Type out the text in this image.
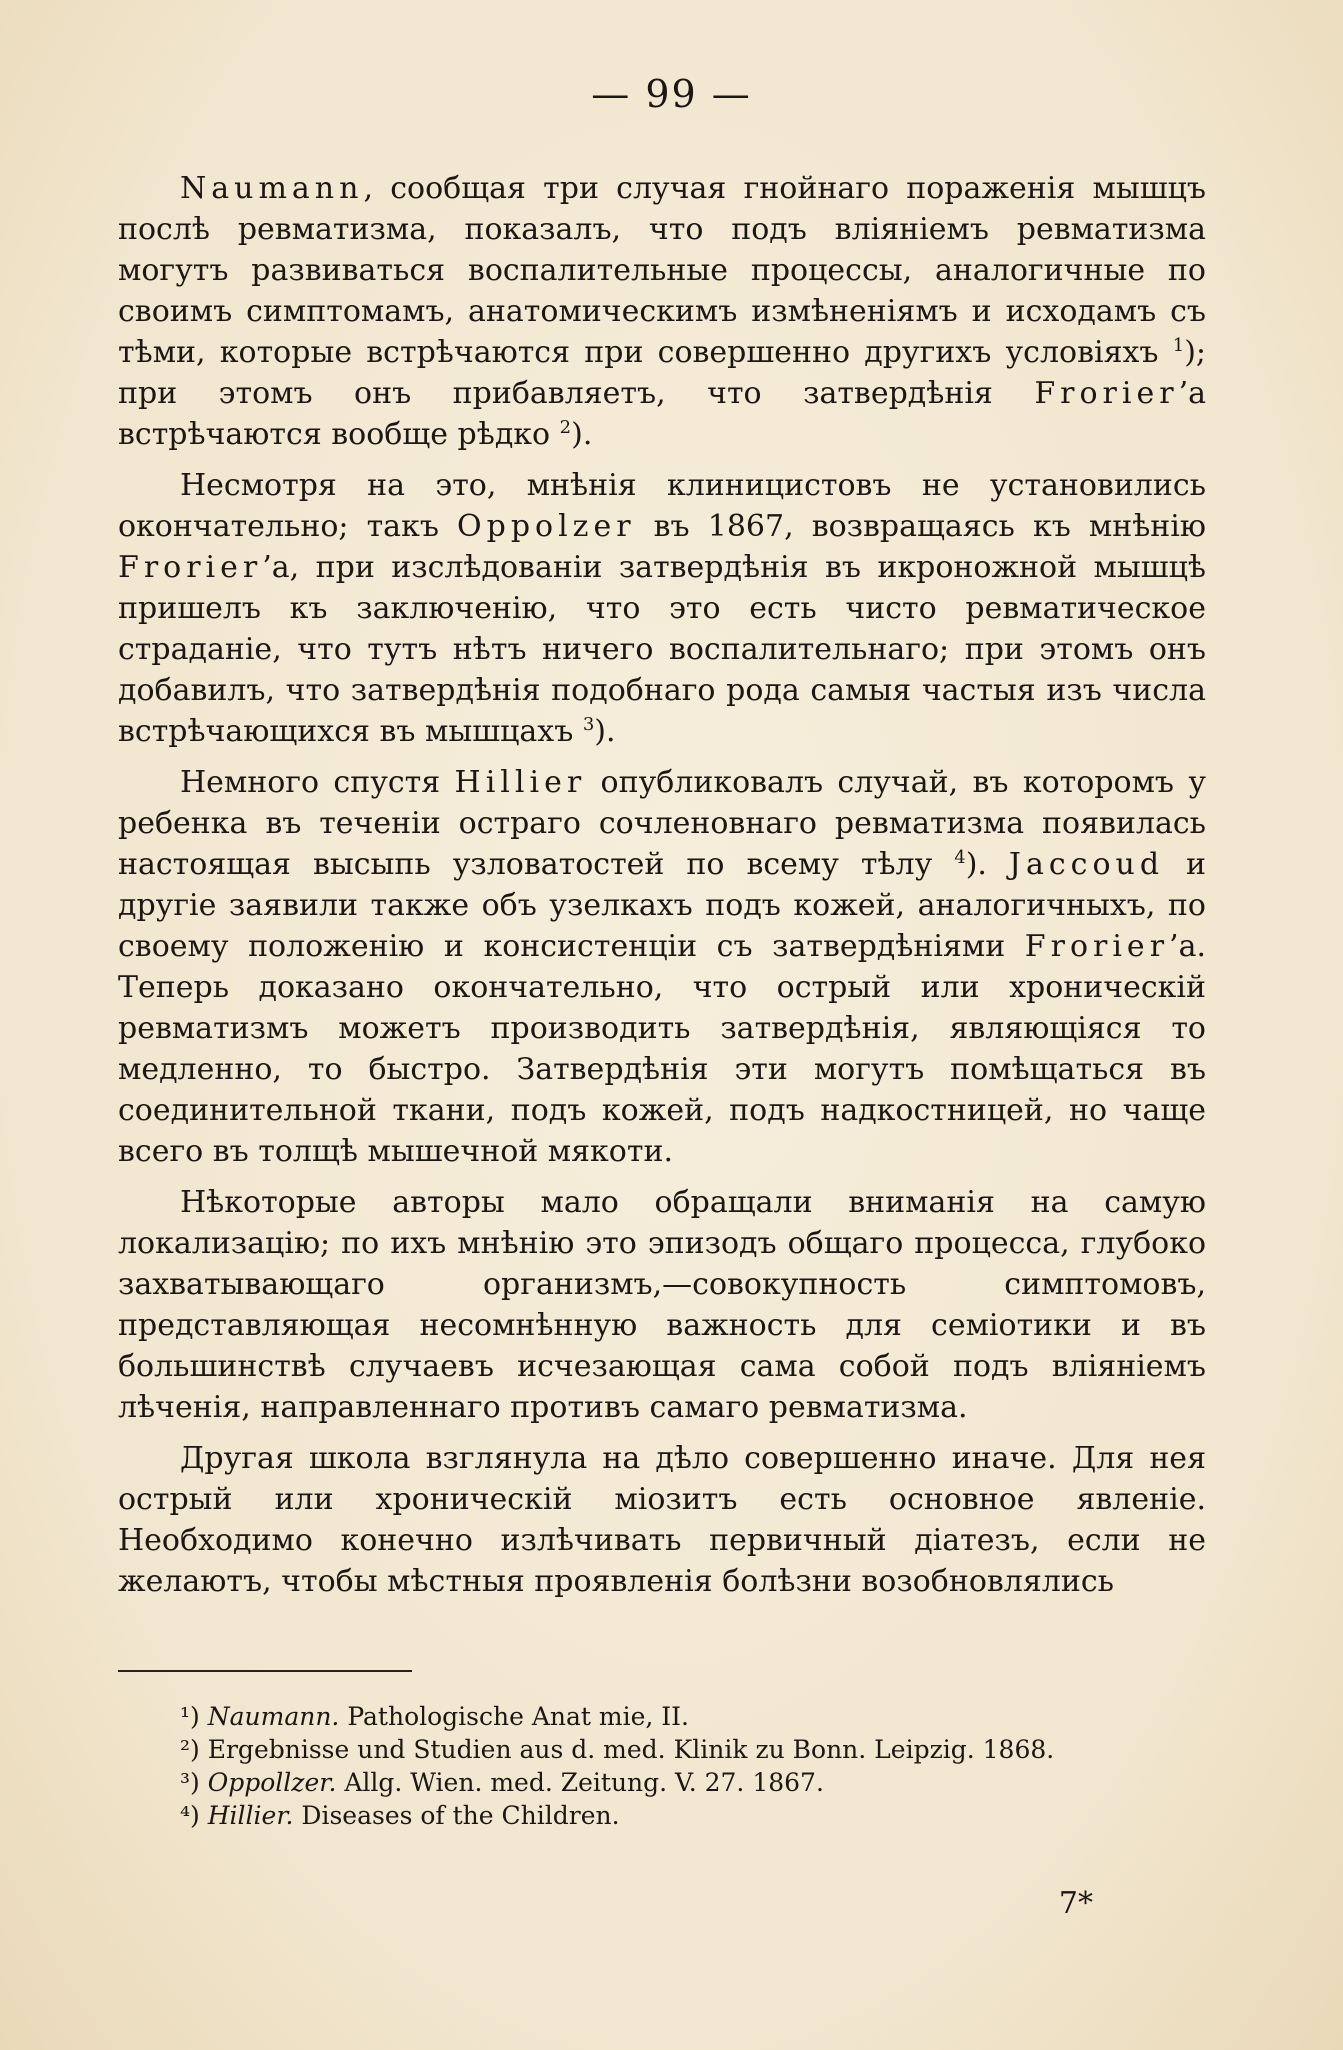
— 99 —

Naumann, сообщая три случая гнойнаго пораженія мышцъ послѣ ревматизма, показалъ, что подъ вліяніемъ ревматизма могутъ развиваться воспалительные процессы, аналогичные по своимъ симптомамъ, анатомическимъ измѣненіямъ и исходамъ съ тѣми, которые встрѣчаются при совершенно другихъ условіяхъ $^1$); при этомъ онъ прибавляетъ, что затвердѣнія Frorier’a встрѣчаются вообще рѣдко $^2$).

Несмотря на это, мнѣнія клиницистовъ не установились окончательно; такъ Oppolzer въ 1867, возвращаясь къ мнѣнію Frorier’а, при изслѣдованіи затвердѣнія въ икроножной мышцѣ пришелъ къ заключенію, что это есть чисто ревматическое страданіе, что тутъ нѣтъ ничего воспалительнаго; при этомъ онъ добавилъ, что затвердѣнія подобнаго рода самыя частыя изъ числа встрѣчающихся въ мышцахъ $^3$).

Немного спустя Hillier опубликовалъ случай, въ которомъ у ребенка въ теченіи остраго сочленовнаго ревматизма появилась настоящая высыпь узловатостей по всему тѣлу $^4$). Jaccoud и другіе заявили также объ узелкахъ подъ кожей, аналогичныхъ, по своему положенію и консистенціи съ затвердѣніями Frorier’а. Теперь доказано окончательно, что острый или хроническій ревматизмъ можетъ производить затвердѣнія, являющіяся то медленно, то быстро. Затвердѣнія эти могутъ помѣщаться въ соединительной ткани, подъ кожей, подъ надкостницей, но чаще всего въ толщѣ мышечной мякоти.

Нѣкоторые авторы мало обращали вниманія на самую локализацію; по ихъ мнѣнію это эпизодъ общаго процесса, глубоко захватывающаго организмъ,—совокупность симптомовъ, представляющая несомнѣнную важность для семіотики и въ большинствѣ случаевъ исчезающая сама собой подъ вліяніемъ лѣченія, направленнаго противъ самаго ревматизма.

Другая школа взглянула на дѣло совершенно иначе. Для нея острый или хроническій міозитъ есть основное явленіе. Необходимо конечно излѣчивать первичный діатезъ, если не желаютъ, чтобы мѣстныя проявленія болѣзни возобновлялись

¹) Naumann. Pathologische Anat mie, II.

²) Ergebnisse und Studien aus d. med. Klinik zu Bonn. Leipzig. 1868.

³) Oppollzer. Allg. Wien. med. Zeitung. V. 27. 1867.

⁴) Hillier. Diseases of the Children.

7*
